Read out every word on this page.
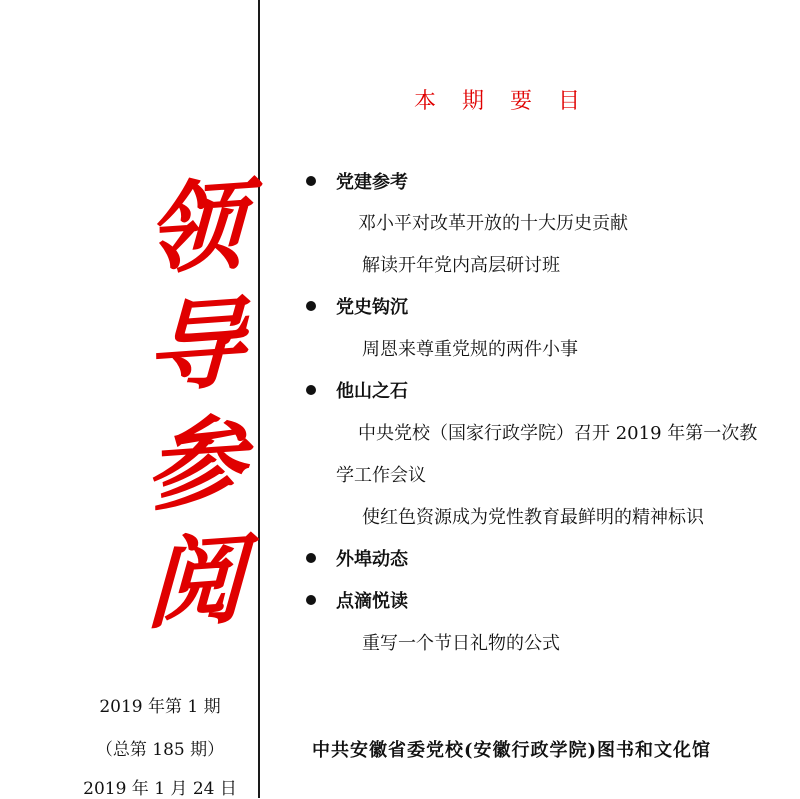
领
导
参
阅
2019 年第 1 期
（总第 185 期）
2019 年 1 月 24 日
本期要目
党建参考
邓小平对改革开放的十大历史贡献
解读开年党内高层研讨班
党史钩沉
周恩来尊重党规的两件小事
他山之石
中央党校（国家行政学院）召开 2019 年第一次教
学工作会议
使红色资源成为党性教育最鲜明的精神标识
外埠动态
点滴悦读
重写一个节日礼物的公式
中共安徽省委党校(安徽行政学院)图书和文化馆
